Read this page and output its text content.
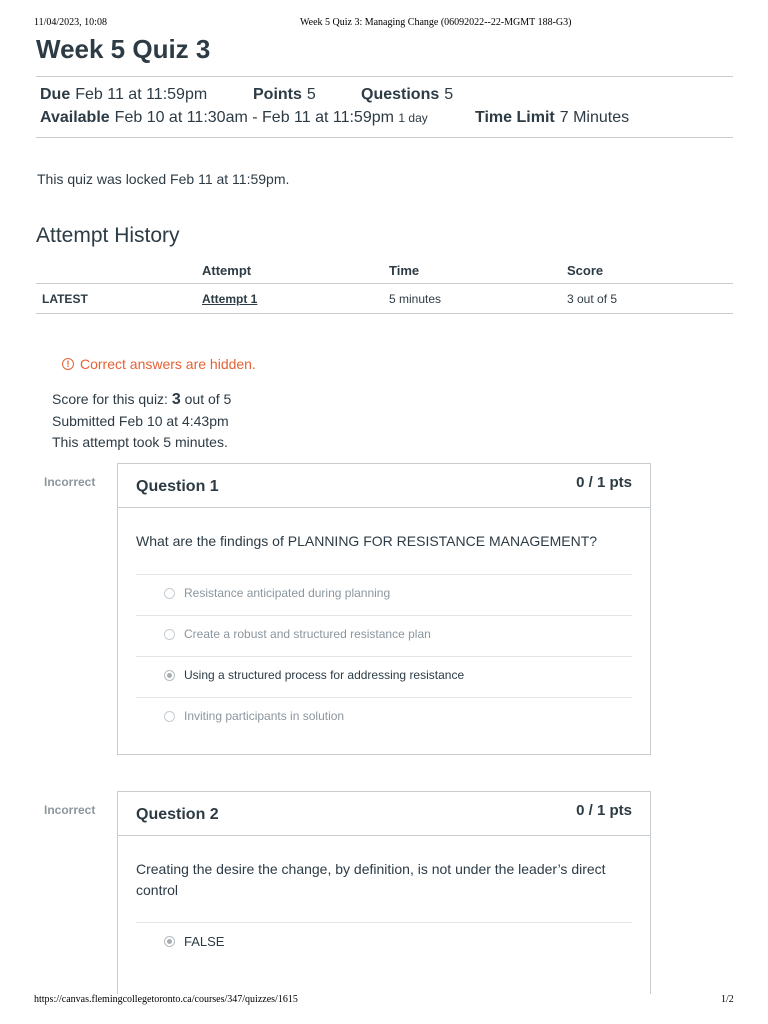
11/04/2023, 10:08	Week 5 Quiz 3: Managing Change (06092022--22-MGMT 188-G3)
Week 5 Quiz 3
Due Feb 11 at 11:59pm	Points 5	Questions 5
Available Feb 10 at 11:30am - Feb 11 at 11:59pm 1 day	Time Limit 7 Minutes
This quiz was locked Feb 11 at 11:59pm.
Attempt History
	Attempt	Time	Score
LATEST	Attempt 1	5 minutes	3 out of 5
! Correct answers are hidden.
Score for this quiz: 3 out of 5
Submitted Feb 10 at 4:43pm
This attempt took 5 minutes.
Incorrect	Question 1	0 / 1 pts
What are the findings of PLANNING FOR RESISTANCE MANAGEMENT?
Resistance anticipated during planning
Create a robust and structured resistance plan
Using a structured process for addressing resistance
Inviting participants in solution
Incorrect	Question 2	0 / 1 pts
Creating the desire the change, by definition, is not under the leader’s direct control
FALSE
https://canvas.flemingcollegetoronto.ca/courses/347/quizzes/1615	1/2
